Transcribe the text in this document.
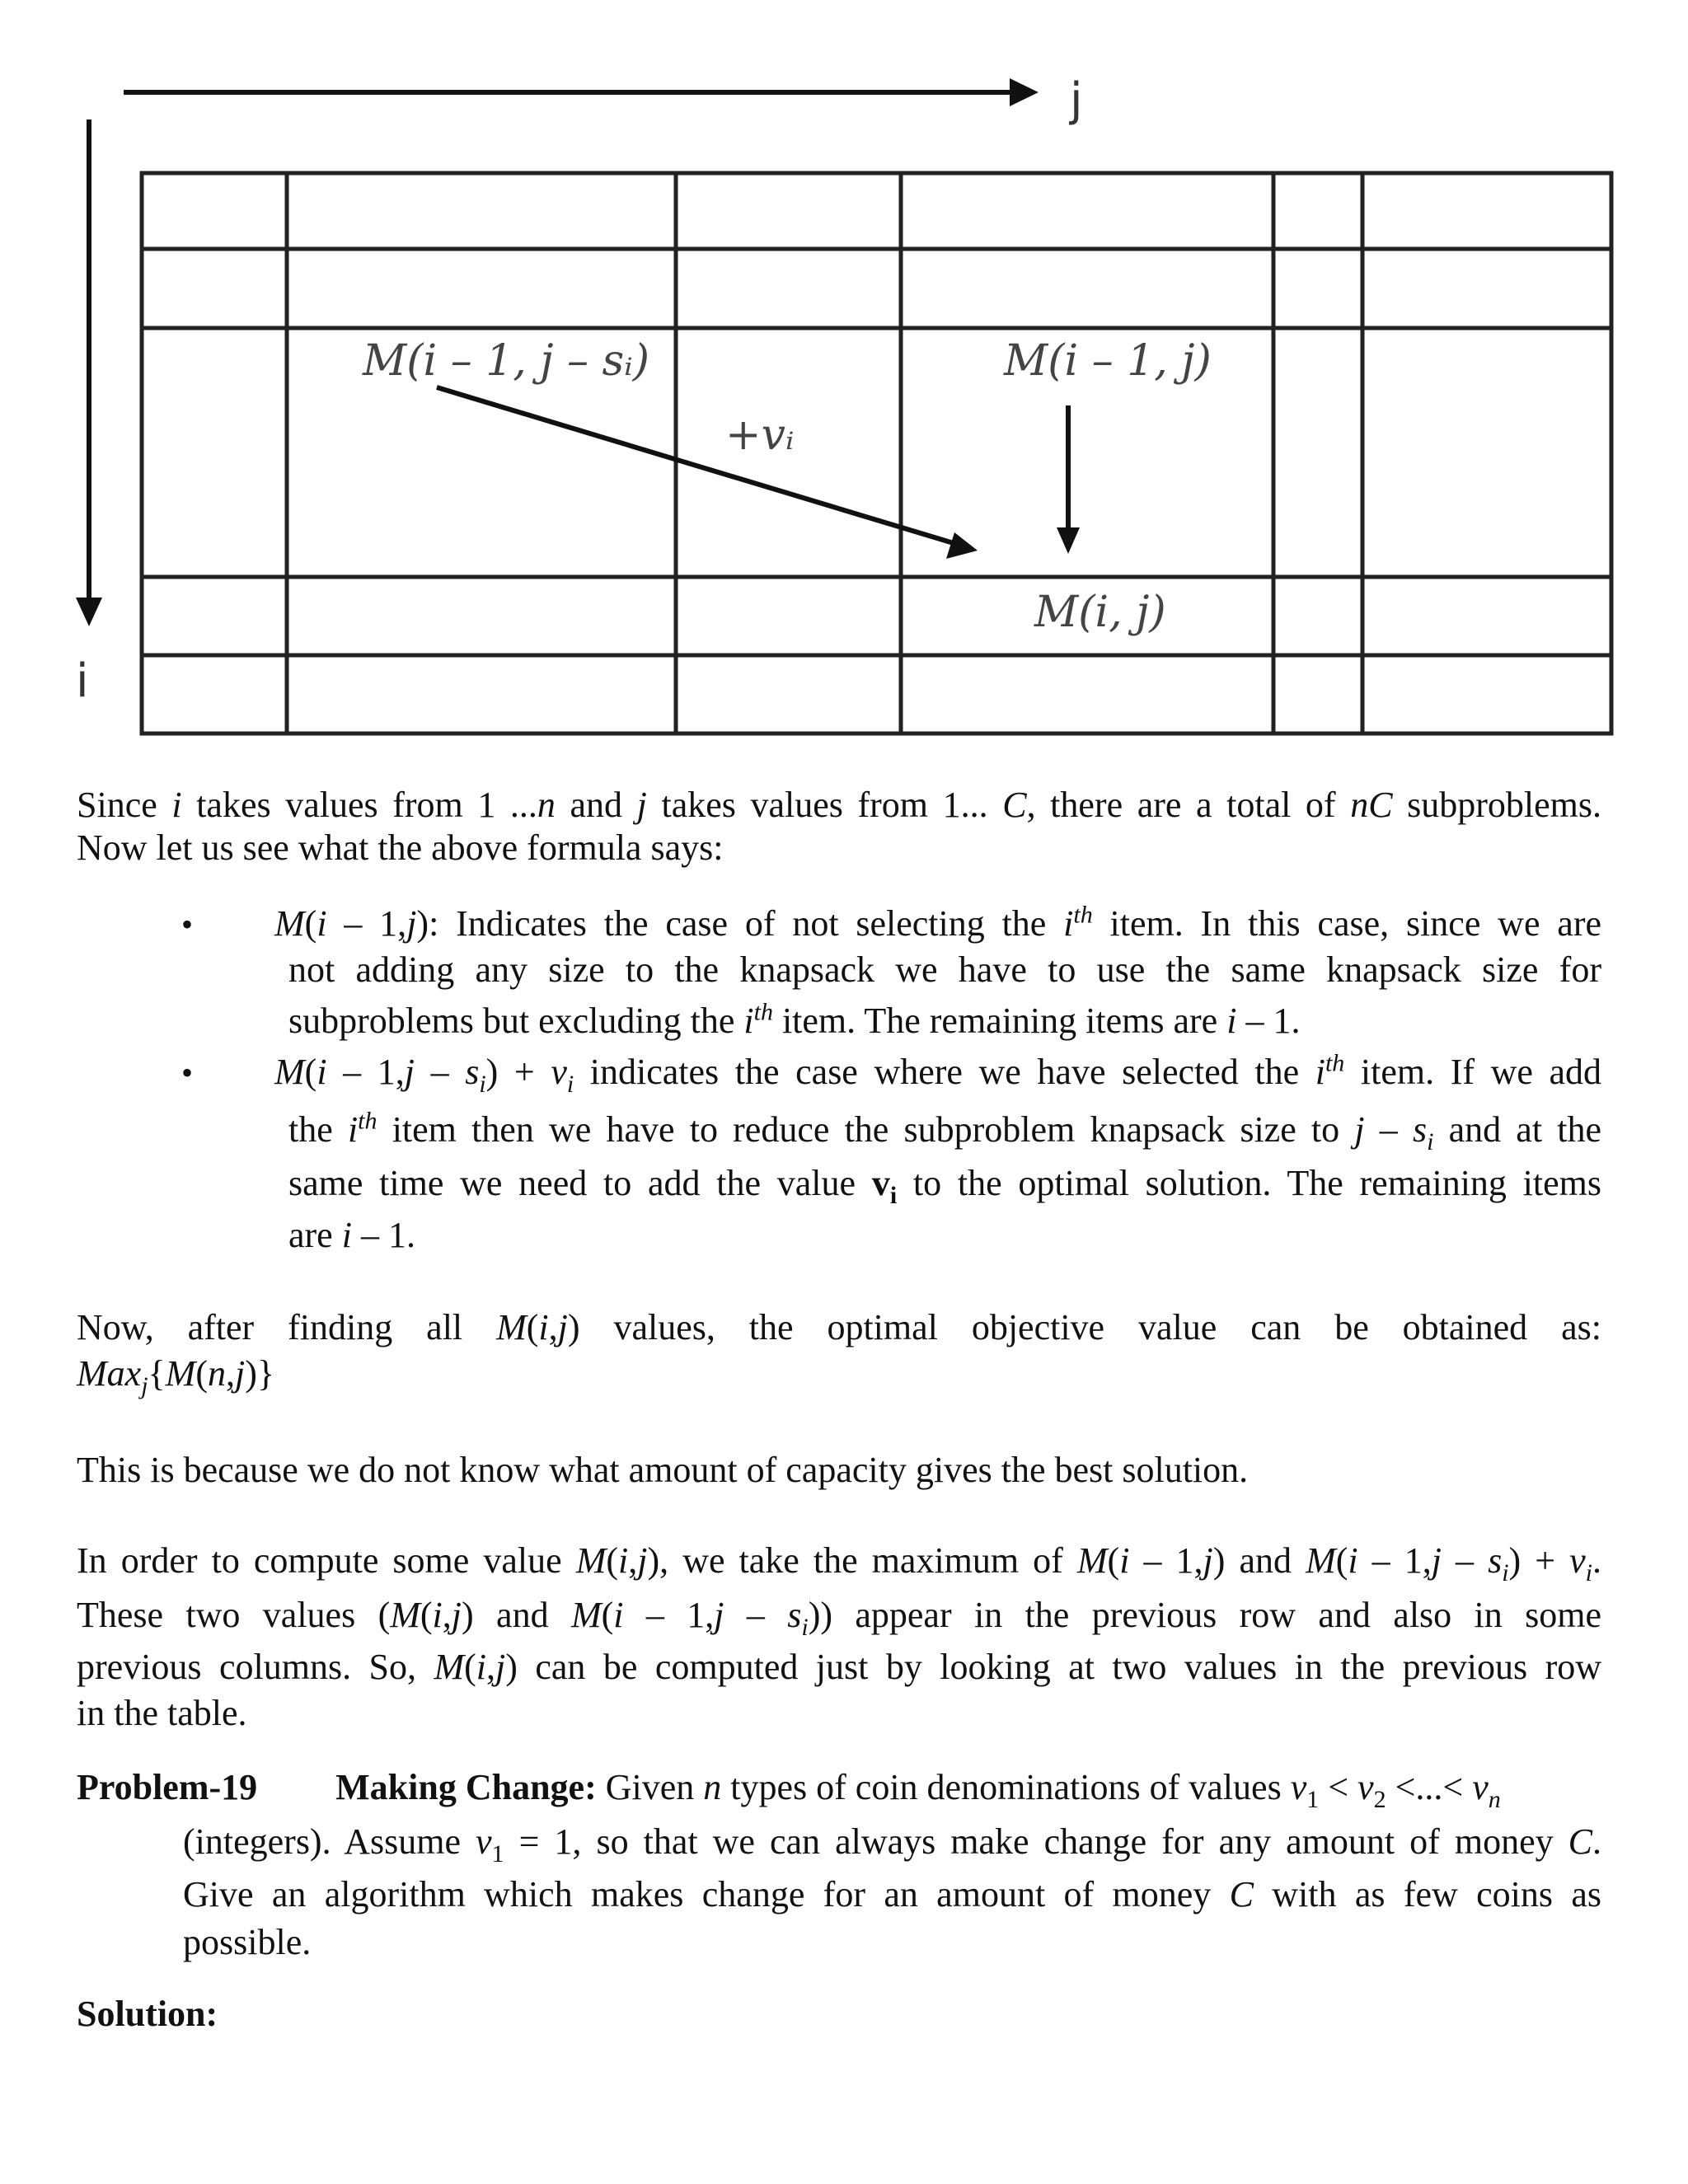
j
i
M(i – 1, j – sᵢ)	M(i – 1, j)
+vᵢ
M(i, j)
Since i takes values from 1 ...n and j takes values from 1... C, there are a total of nC subproblems.
Now let us see what the above formula says:
• M(i – 1,j): Indicates the case of not selecting the $i^{th}$ item. In this case, since we are
not adding any size to the knapsack we have to use the same knapsack size for
subproblems but excluding the $i^{th}$ item. The remaining items are i – 1.
• $M(i - 1,j - s_i) + v_i$ indicates the case where we have selected the $i^{th}$ item. If we add
the $i^{th}$ item then we have to reduce the subproblem knapsack size to j – $s_i$ and at the
same time we need to add the value $v_i$ to the optimal solution. The remaining items
are i – 1.
Now, after finding all M(i,j) values, the optimal objective value can be obtained as:
Max$_j${M(n,j)}
This is because we do not know what amount of capacity gives the best solution.
In order to compute some value M(i,j), we take the maximum of M(i – 1,j) and $M(i - 1,j - s_i) + v_i$.
These two values (M(i,j) and $M(i - 1,j - s_i)$) appear in the previous row and also in some
previous columns. So, M(i,j) can be computed just by looking at two values in the previous row
in the table.
Problem-19 Making Change: Given n types of coin denominations of values $v_1 < v_2$ <...< $v_n$
(integers). Assume $v_1 = 1$, so that we can always make change for any amount of money C.
Give an algorithm which makes change for an amount of money C with as few coins as
possible.
Solution:
